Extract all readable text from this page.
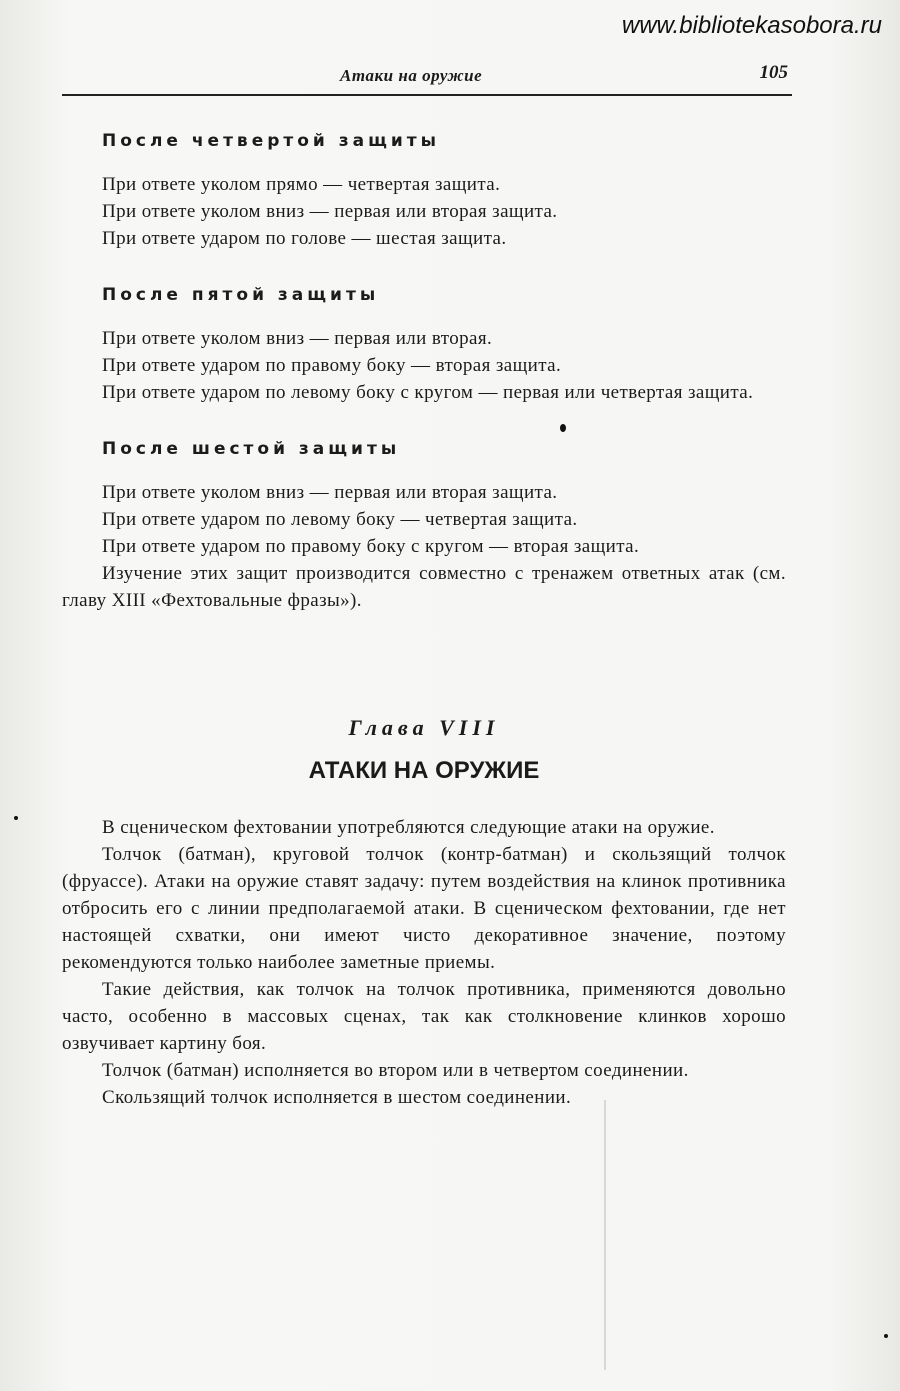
www.bibliotekasobora.ru
Атаки на оружие	105
После четвертой защиты

При ответе уколом прямо — четвертая защита.

При ответе уколом вниз — первая или вторая защита.

При ответе ударом по голове — шестая защита.

После пятой защиты

При ответе уколом вниз — первая или вторая.

При ответе ударом по правому боку — вторая защита.

При ответе ударом по левому боку с кругом — первая или четвертая защита.

После шестой защиты

При ответе уколом вниз — первая или вторая защита.

При ответе ударом по левому боку — четвертая защита.

При ответе ударом по правому боку с кругом — вторая защита.

Изучение этих защит производится совместно с тренажем ответных атак (см. главу XIII «Фехтовальные фразы»).

Глава VIII
АТАКИ НА ОРУЖИЕ

В сценическом фехтовании употребляются следующие атаки на оружие.

Толчок (батман), круговой толчок (контр-батман) и скользящий толчок (фруассе). Атаки на оружие ставят задачу: путем воздействия на клинок противника отбросить его с линии предполагаемой атаки. В сценическом фехтовании, где нет настоящей схватки, они имеют чисто декоративное значение, поэтому рекомендуются только наиболее заметные приемы.

Такие действия, как толчок на толчок противника, применяются довольно часто, особенно в массовых сценах, так как столкновение клинков хорошо озвучивает картину боя.

Толчок (батман) исполняется во втором или в четвертом соединении.

Скользящий толчок исполняется в шестом соединении.
